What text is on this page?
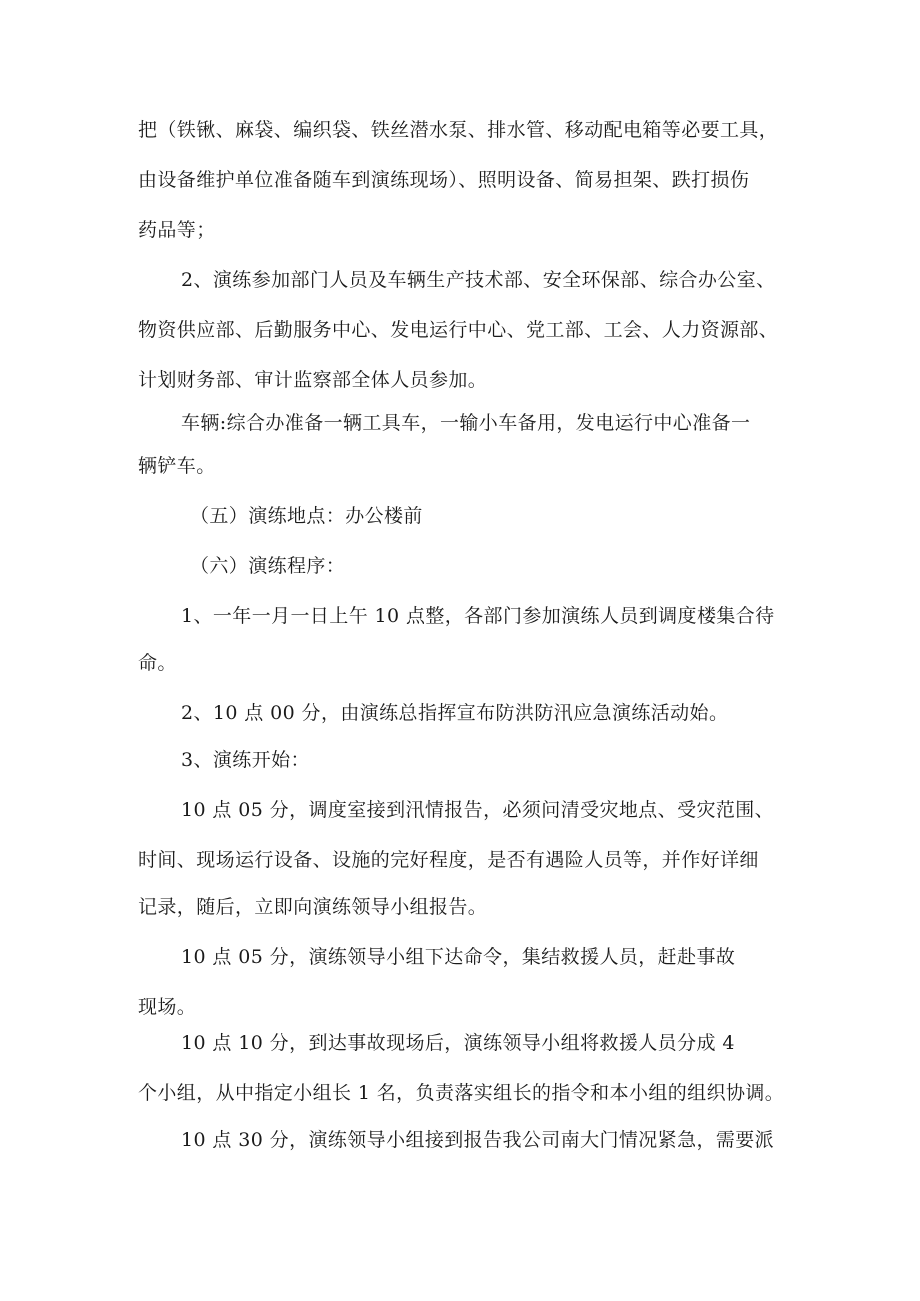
把（铁锹、麻袋、编织袋、铁丝潜水泵、排水管、移动配电箱等必要工具，
由设备维护单位准备随车到演练现场）、照明设备、简易担架、跌打损伤
药品等；
2、演练参加部门人员及车辆生产技术部、安全环保部、综合办公室、
物资供应部、后勤服务中心、发电运行中心、党工部、工会、人力资源部、
计划财务部、审计监察部全体人员参加。
车辆:综合办准备一辆工具车，一输小车备用，发电运行中心准备一
辆铲车。
（五）演练地点：办公楼前
（六）演练程序：
1、一年一月一日上午 10 点整，各部门参加演练人员到调度楼集合待
命。
2、10 点 00 分，由演练总指挥宣布防洪防汛应急演练活动始。
3、演练开始：
10 点 05 分，调度室接到汛情报告，必须问清受灾地点、受灾范围、
时间、现场运行设备、设施的完好程度，是否有遇险人员等，并作好详细
记录，随后，立即向演练领导小组报告。
10 点 05 分，演练领导小组下达命令，集结救援人员，赶赴事故
现场。
10 点 10 分，到达事故现场后，演练领导小组将救援人员分成 4
个小组，从中指定小组长 1 名，负责落实组长的指令和本小组的组织协调。
10 点 30 分，演练领导小组接到报告我公司南大门情况紧急，需要派
